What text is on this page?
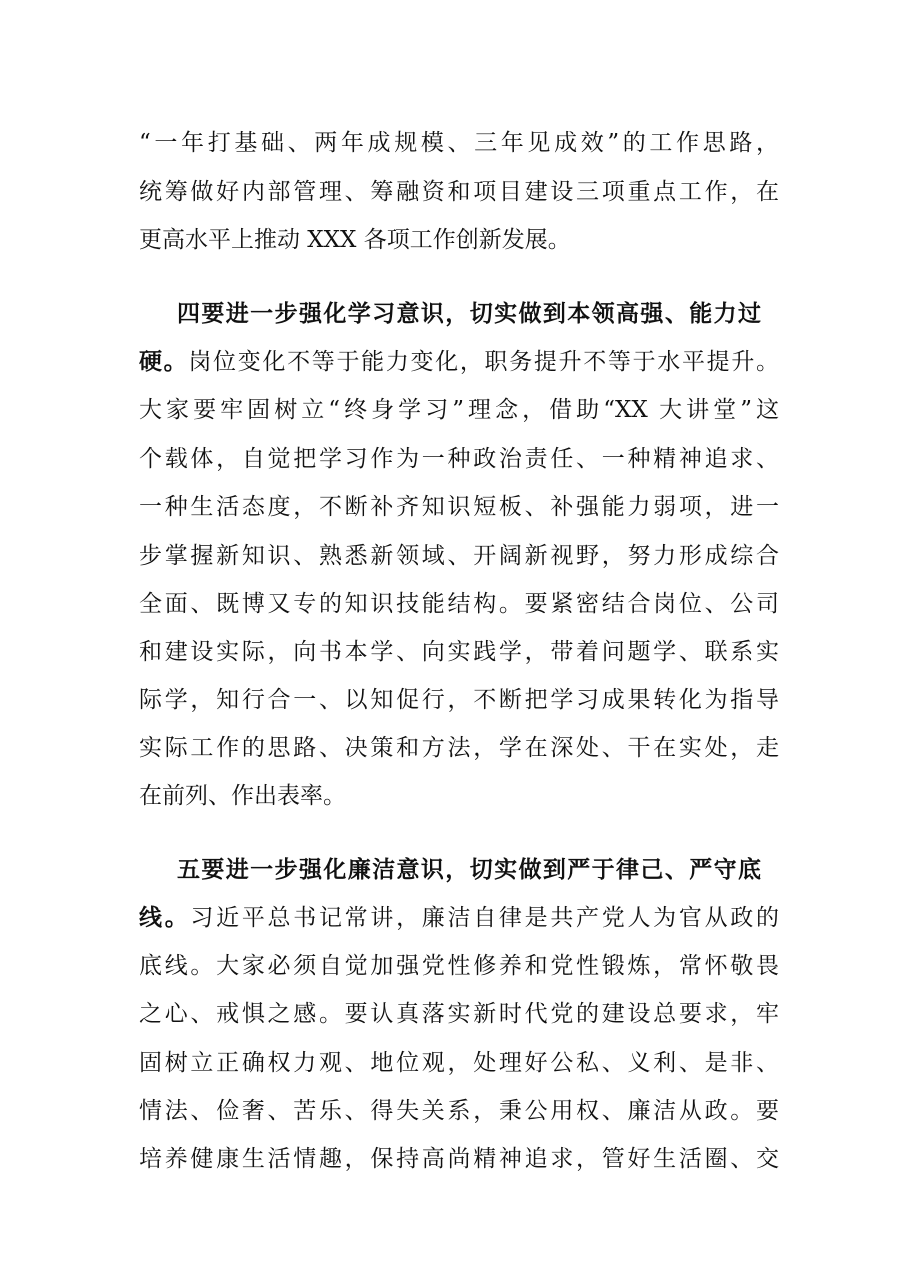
“一年打基础、两年成规模、三年见成效”的工作思路，
统筹做好内部管理、筹融资和项目建设三项重点工作，在
更高水平上推动 XXX 各项工作创新发展。
四要进一步强化学习意识，切实做到本领高强、能力过
硬。岗位变化不等于能力变化，职务提升不等于水平提升。
大家要牢固树立“终身学习”理念，借助“XX 大讲堂”这
个载体，自觉把学习作为一种政治责任、一种精神追求、
一种生活态度，不断补齐知识短板、补强能力弱项，进一
步掌握新知识、熟悉新领域、开阔新视野，努力形成综合
全面、既博又专的知识技能结构。要紧密结合岗位、公司
和建设实际，向书本学、向实践学，带着问题学、联系实
际学，知行合一、以知促行，不断把学习成果转化为指导
实际工作的思路、决策和方法，学在深处、干在实处，走
在前列、作出表率。
五要进一步强化廉洁意识，切实做到严于律己、严守底
线。习近平总书记常讲，廉洁自律是共产党人为官从政的
底线。大家必须自觉加强党性修养和党性锻炼，常怀敬畏
之心、戒惧之感。要认真落实新时代党的建设总要求，牢
固树立正确权力观、地位观，处理好公私、义利、是非、
情法、俭奢、苦乐、得失关系，秉公用权、廉洁从政。要
培养健康生活情趣，保持高尚精神追求，管好生活圈、交
